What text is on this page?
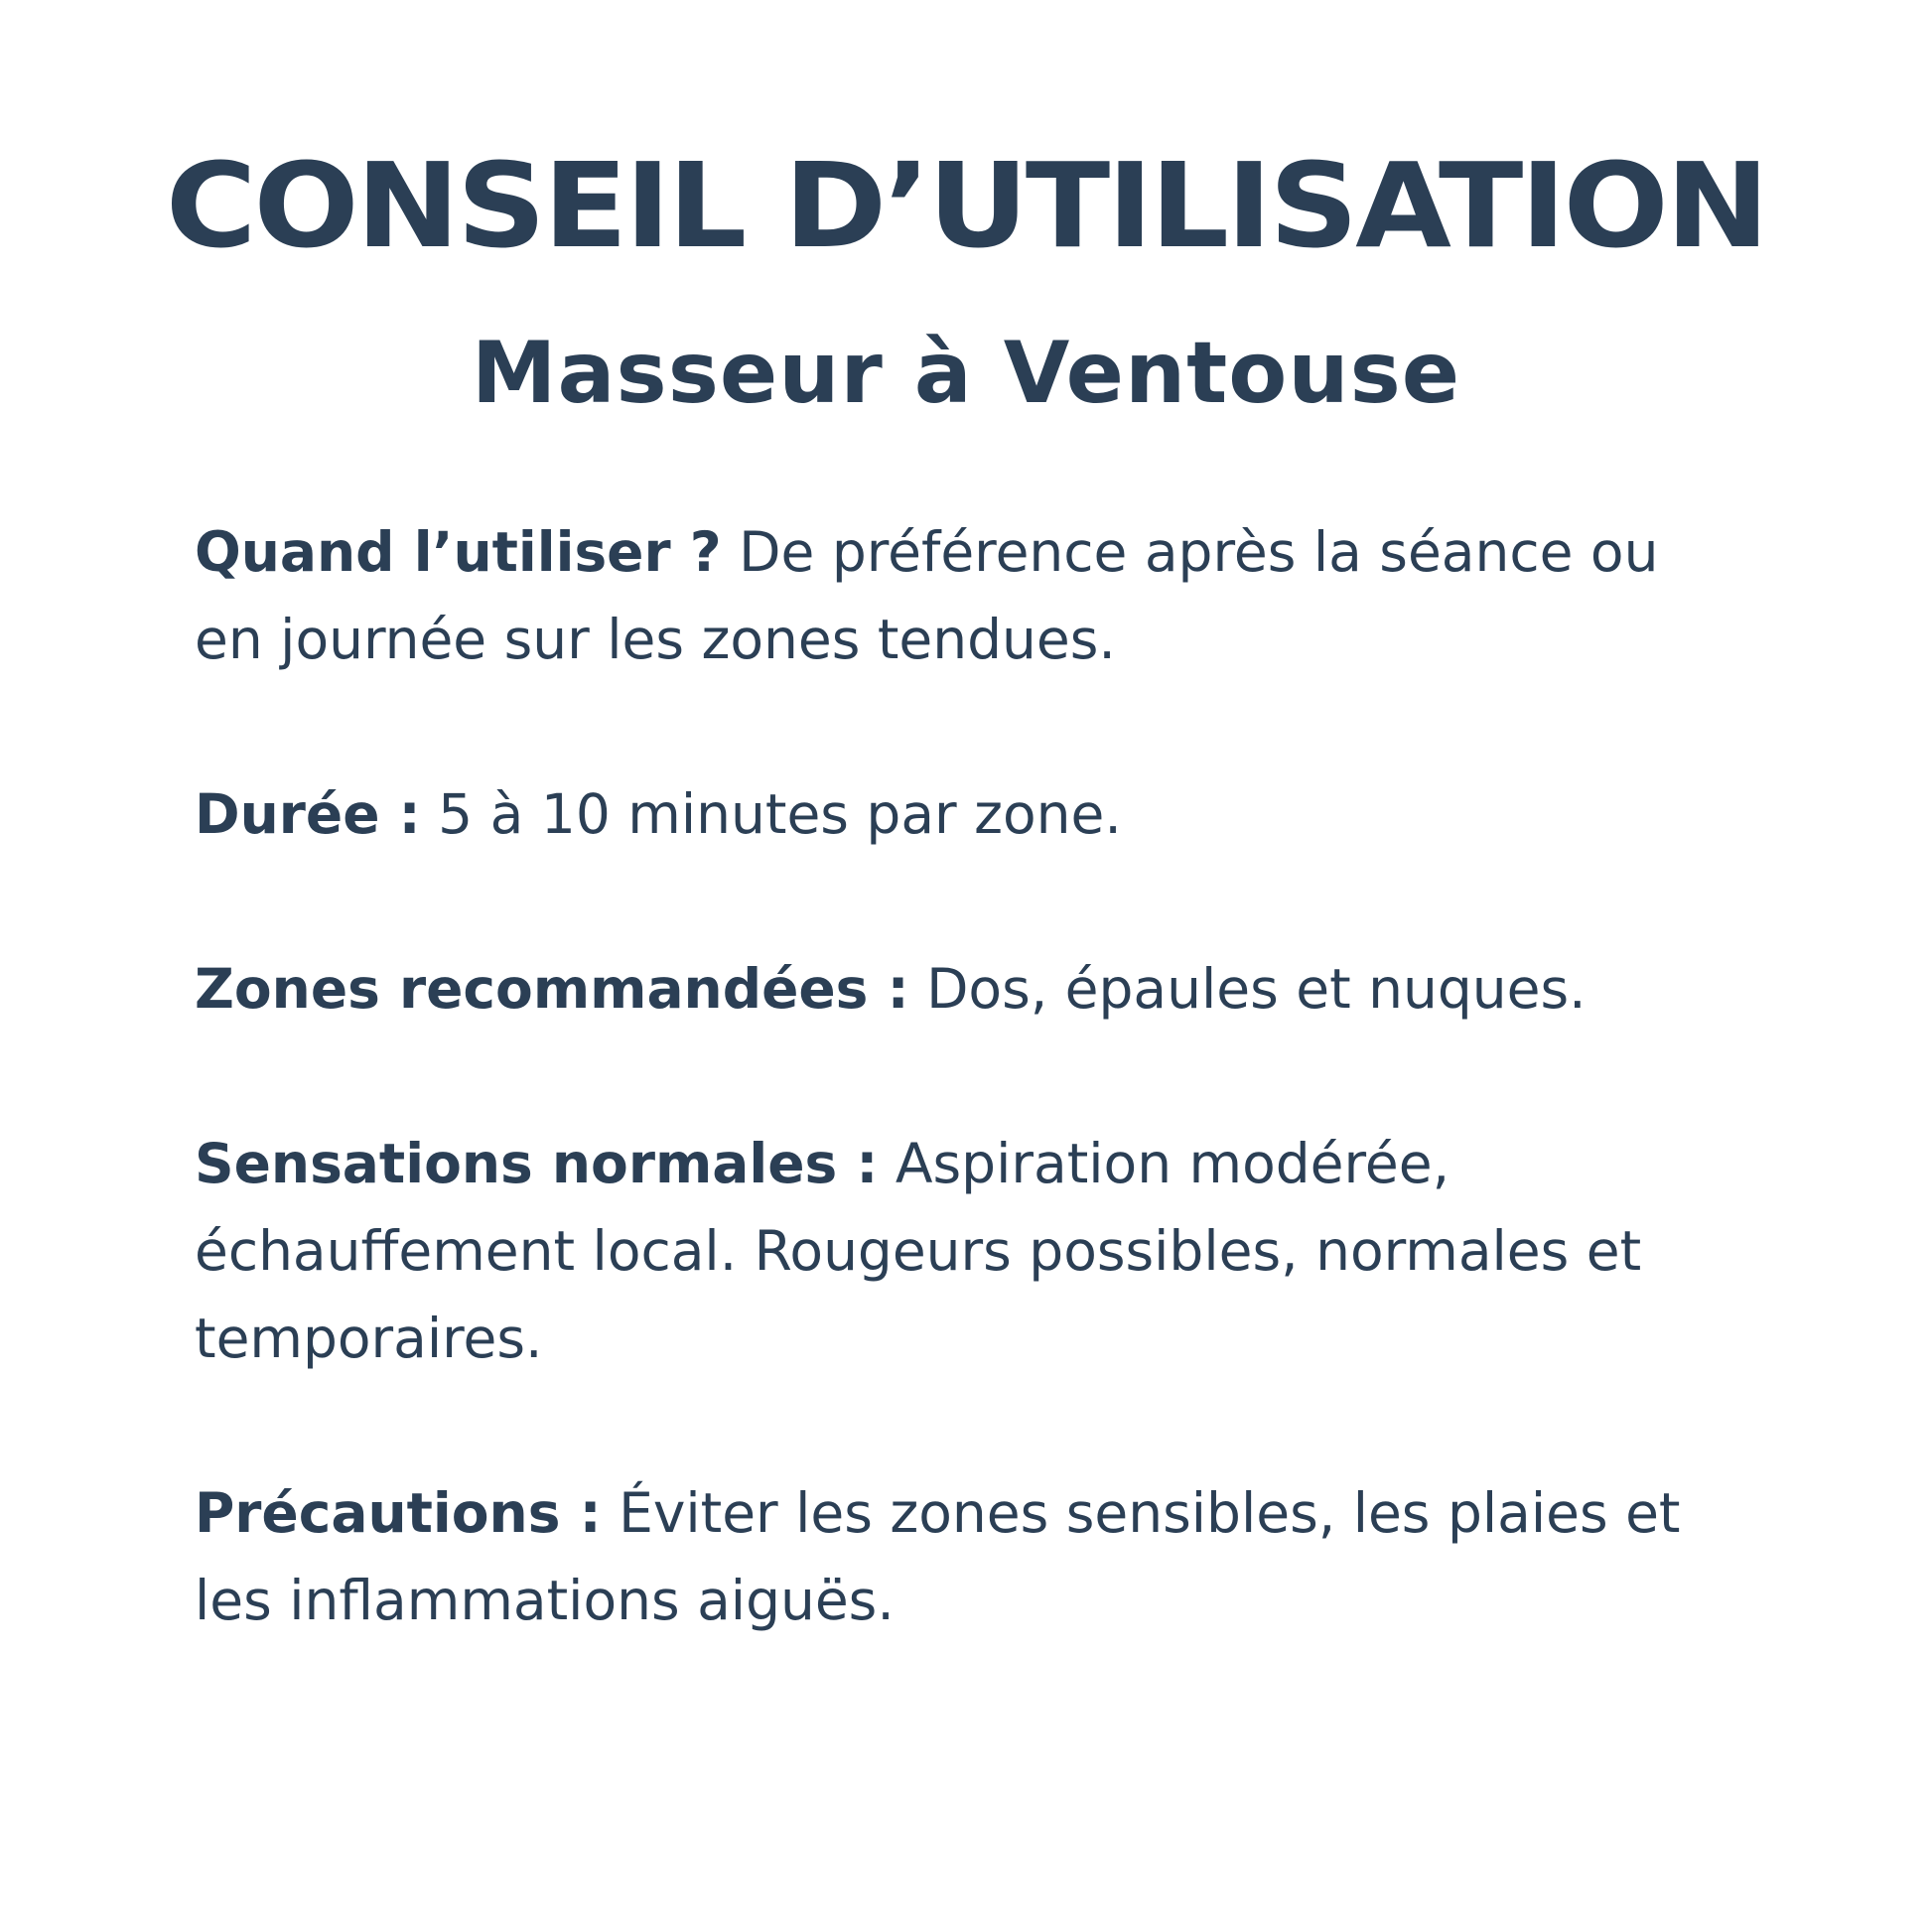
CONSEIL D’UTILISATION
Masseur à Ventouse

Quand l’utiliser ? De préférence après la séance ou en journée sur les zones tendues.

Durée : 5 à 10 minutes par zone.

Zones recommandées : Dos, épaules et nuques.

Sensations normales : Aspiration modérée, échauffement local. Rougeurs possibles, normales et temporaires.

Précautions : Éviter les zones sensibles, les plaies et les inflammations aiguës.
